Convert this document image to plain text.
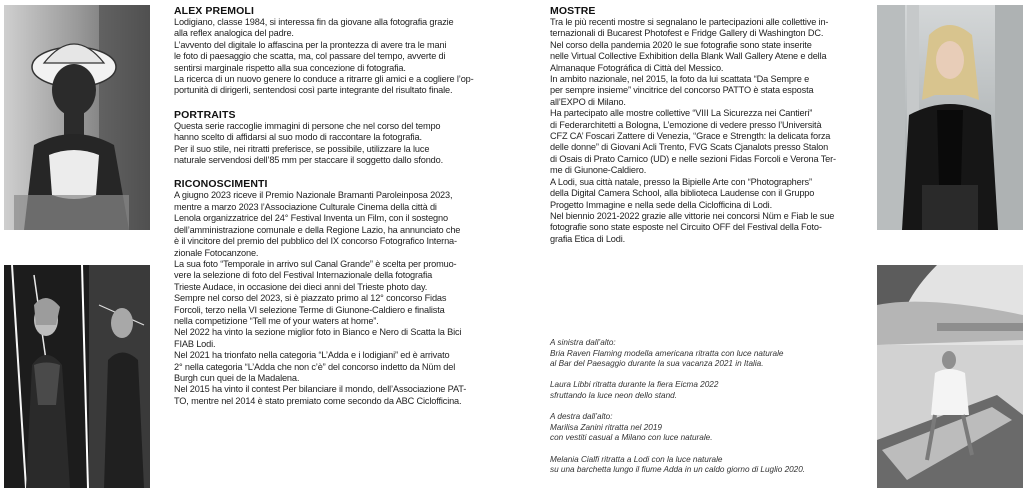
ALEX PREMOLI

Lodigiano, classe 1984, si interessa fin da giovane alla fotografia grazie

alla reflex analogica del padre.

L’avvento del digitale lo affascina per la prontezza di avere tra le mani

le foto di paesaggio che scatta, ma, col passare del tempo, avverte di

sentirsi marginale rispetto alla sua concezione di fotografia.

La ricerca di un nuovo genere lo conduce a ritrarre gli amici e a cogliere l’op-

portunità di dirigerli, sentendosi così parte integrante del risultato finale.

PORTRAITS

Questa serie raccoglie immagini di persone che nel corso del tempo

hanno scelto di affidarsi al suo modo di raccontare la fotografia.

Per il suo stile, nei ritratti preferisce, se possibile, utilizzare la luce

naturale servendosi dell’85 mm per staccare il soggetto dallo sfondo.

RICONOSCIMENTI

A giugno 2023 riceve il Premio Nazionale Bramanti Paroleinposa 2023,

mentre a marzo 2023 l’Associazione Culturale Cinema della città di

Lenola organizzatrice del 24° Festival Inventa un Film, con il sostegno

dell’amministrazione comunale e della Regione Lazio, ha annunciato che

è il vincitore del premio del pubblico del IX concorso Fotografico Interna-

zionale Fotocanzone.

La sua foto “Temporale in arrivo sul Canal Grande” è scelta per promuo-

vere la selezione di foto del Festival Internazionale della fotografia

Trieste Audace, in occasione dei dieci anni del Trieste photo day.

Sempre nel corso del 2023, si è piazzato primo al 12° concorso Fidas

Forcoli, terzo nella VI selezione Terme di Giunone-Caldiero e finalista

nella competizione “Tell me of your waters at home”.

Nel 2022 ha vinto la sezione miglior foto in Bianco e Nero di Scatta la Bici

FIAB Lodi.

Nel 2021 ha trionfato nella categoria “L’Adda e i lodigiani” ed è arrivato

2° nella categoria “L’Adda che non c’è” del concorso indetto da Nüm del

Burgh cun quei de la Madalena.

Nel 2015 ha vinto il contest Per bilanciare il mondo, dell’Associazione PAT-

TO, mentre nel 2014 è stato premiato come secondo da ABC Ciclofficina.

MOSTRE

Tra le più recenti mostre si segnalano le partecipazioni alle collettive in-

ternazionali di Bucarest Photofest e Fridge Gallery di Washington DC.

Nel corso della pandemia 2020 le sue fotografie sono state inserite

nelle Virtual Collective Exhibition della Blank Wall Gallery Atene e della

Almanaque Fotográfica di Città del Messico.

In ambito nazionale, nel 2015, la foto da lui scattata “Da Sempre e

per sempre insieme” vincitrice del concorso PATTO è stata esposta

all’EXPO di Milano.

Ha partecipato alle mostre collettive “VIII La Sicurezza nei Cantieri”

di Federarchitetti a Bologna, L’emozione di vedere presso l’Università

CFZ CA’ Foscari Zattere di Venezia, “Grace e Strength: la delicata forza

delle donne” di Giovani Acli Trento, FVG Scats Cjanalots presso Stalon

di Osais di Prato Carnico (UD) e nelle sezioni Fidas Forcoli e Verona Ter-

me di Giunone-Caldiero.

A Lodi, sua città natale, presso la Bipielle Arte con “Photographers”

della Digital Camera School, alla biblioteca Laudense con il Gruppo

Progetto Immagine e nella sede della Ciclofficina di Lodi.

Nel biennio 2021-2022 grazie alle vittorie nei concorsi Nüm e Fiab le sue

fotografie sono state esposte nel Circuito OFF del Festival della Foto-

grafia Etica di Lodi.

A sinistra dall’alto:

Bria Raven Flaming modella americana ritratta con luce naturale

al Bar del Paesaggio durante la sua vacanza 2021 in Italia.

Laura Libbi ritratta durante la fiera Eicma 2022

sfruttando la luce neon dello stand.

A destra dall’alto:

Marilisa Zanini ritratta nel 2019

con vestiti casual a Milano con luce naturale.

Melania Cialfi ritratta a Lodi con la luce naturale

su una barchetta lungo il fiume Adda in un caldo giorno di Luglio 2020.
